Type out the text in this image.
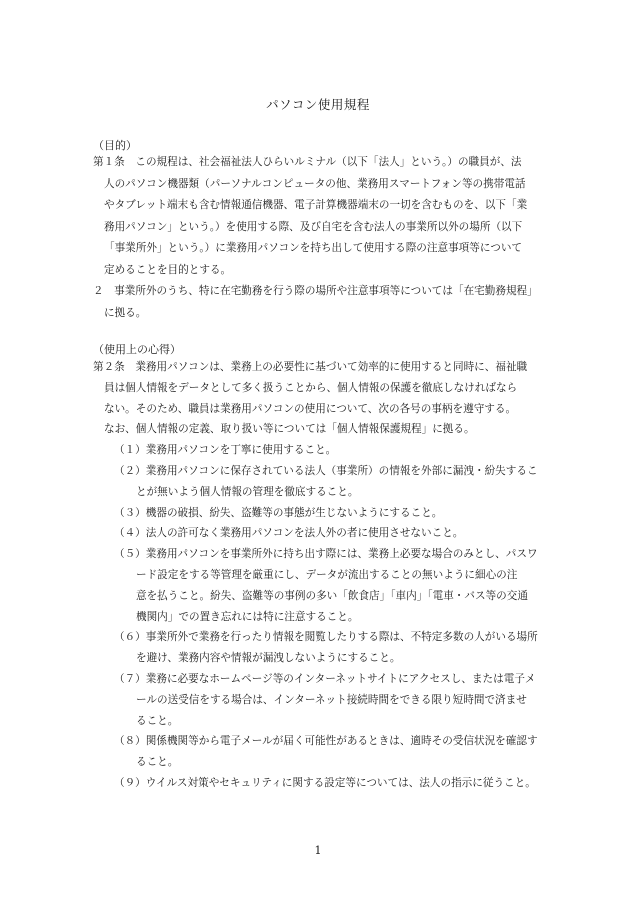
パソコン使用規程
（目的）
第１条　この規程は、社会福祉法人ひらいルミナル（以下「法人」という。）の職員が、法
人のパソコン機器類（パーソナルコンピュータの他、業務用スマートフォン等の携帯電話
やタブレット端末も含む情報通信機器、電子計算機器端末の一切を含むものを、以下「業
務用パソコン」という。）を使用する際、及び自宅を含む法人の事業所以外の場所（以下
「事業所外」という。）に業務用パソコンを持ち出して使用する際の注意事項等について
定めることを目的とする。
２　事業所外のうち、特に在宅勤務を行う際の場所や注意事項等については「在宅勤務規程」
に拠る。
（使用上の心得）
第２条　業務用パソコンは、業務上の必要性に基づいて効率的に使用すると同時に、福祉職
員は個人情報をデータとして多く扱うことから、個人情報の保護を徹底しなければなら
ない。そのため、職員は業務用パソコンの使用について、次の各号の事柄を遵守する。
なお、個人情報の定義、取り扱い等については「個人情報保護規程」に拠る。
（１）業務用パソコンを丁寧に使用すること。
（２）業務用パソコンに保存されている法人（事業所）の情報を外部に漏洩・紛失するこ
とが無いよう個人情報の管理を徹底すること。
（３）機器の破損、紛失、盗難等の事態が生じないようにすること。
（４）法人の許可なく業務用パソコンを法人外の者に使用させないこと。
（５）業務用パソコンを事業所外に持ち出す際には、業務上必要な場合のみとし、パスワ
ード設定をする等管理を厳重にし、データが流出することの無いように細心の注
意を払うこと。紛失、盗難等の事例の多い「飲食店」「車内」「電車・バス等の交通
機関内」での置き忘れには特に注意すること。
（６）事業所外で業務を行ったり情報を閲覧したりする際は、不特定多数の人がいる場所
を避け、業務内容や情報が漏洩しないようにすること。
（７）業務に必要なホームページ等のインターネットサイトにアクセスし、または電子メ
ールの送受信をする場合は、インターネット接続時間をできる限り短時間で済ませ
ること。
（８）関係機関等から電子メールが届く可能性があるときは、適時その受信状況を確認す
ること。
（９）ウイルス対策やセキュリティに関する設定等については、法人の指示に従うこと。
1
